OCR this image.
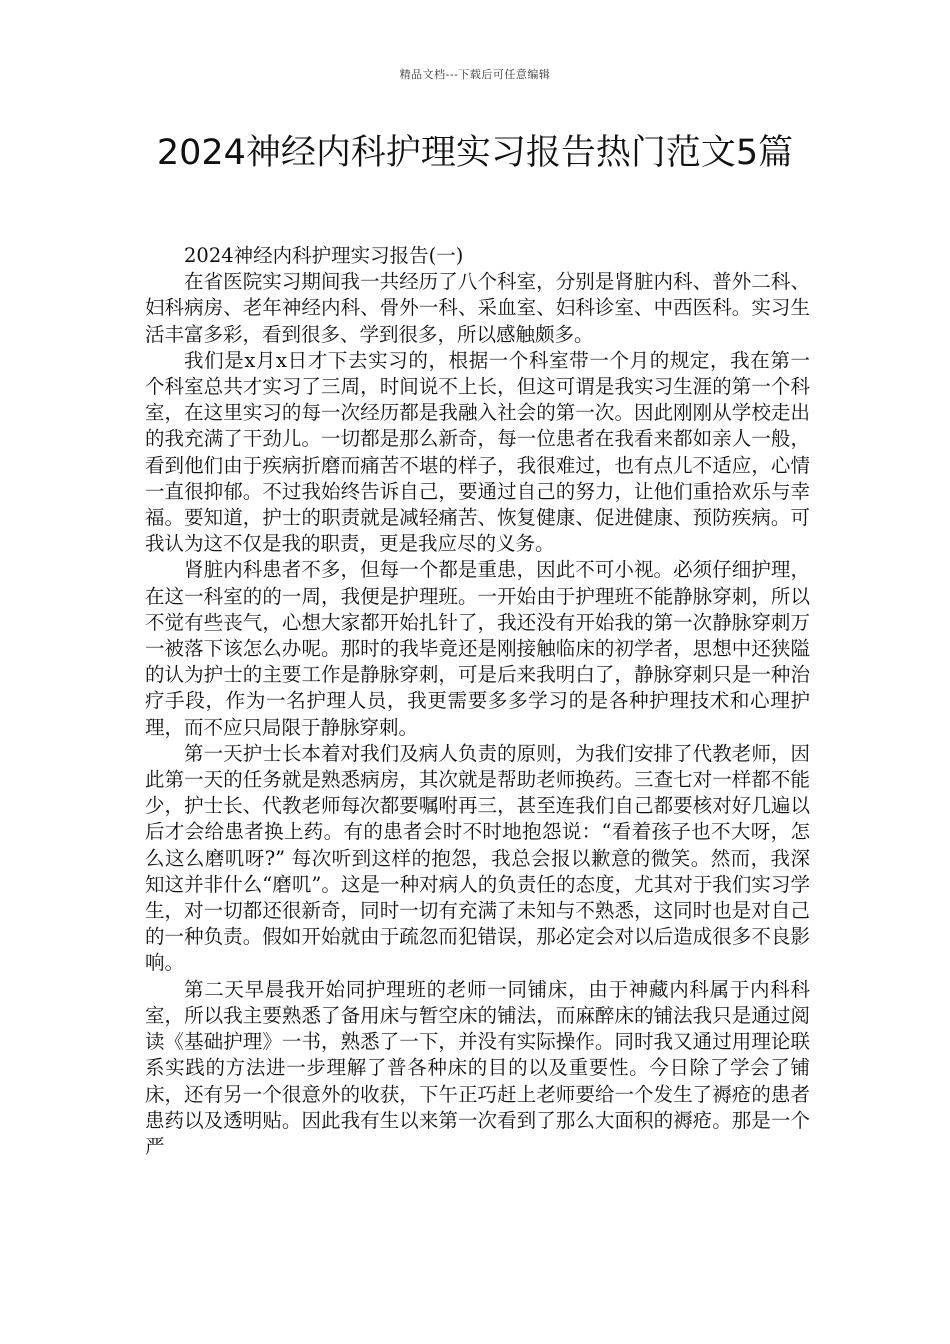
精品文档---下载后可任意编辑
2024神经内科护理实习报告热门范文5篇

2024神经内科护理实习报告(一)

在省医院实习期间我一共经历了八个科室，分别是肾脏内科、普外二科、妇科病房、老年神经内科、骨外一科、采血室、妇科诊室、中西医科。实习生活丰富多彩，看到很多、学到很多，所以感触颇多。

我们是x月x日才下去实习的，根据一个科室带一个月的规定，我在第一个科室总共才实习了三周，时间说不上长，但这可谓是我实习生涯的第一个科室，在这里实习的每一次经历都是我融入社会的第一次。因此刚刚从学校走出的我充满了干劲儿。一切都是那么新奇，每一位患者在我看来都如亲人一般，看到他们由于疾病折磨而痛苦不堪的样子，我很难过，也有点儿不适应，心情一直很抑郁。不过我始终告诉自己，要通过自己的努力，让他们重拾欢乐与幸福。要知道，护士的职责就是减轻痛苦、恢复健康、促进健康、预防疾病。可我认为这不仅是我的职责，更是我应尽的义务。

肾脏内科患者不多，但每一个都是重患，因此不可小视。必须仔细护理，在这一科室的的一周，我便是护理班。一开始由于护理班不能静脉穿刺，所以不觉有些丧气，心想大家都开始扎针了，我还没有开始我的第一次静脉穿刺万一被落下该怎么办呢。那时的我毕竟还是刚接触临床的初学者，思想中还狭隘的认为护士的主要工作是静脉穿刺，可是后来我明白了，静脉穿刺只是一种治疗手段，作为一名护理人员，我更需要多多学习的是各种护理技术和心理护理，而不应只局限于静脉穿刺。

第一天护士长本着对我们及病人负责的原则，为我们安排了代教老师，因此第一天的任务就是熟悉病房，其次就是帮助老师换药。三查七对一样都不能少，护士长、代教老师每次都要嘱咐再三，甚至连我们自己都要核对好几遍以后才会给患者换上药。有的患者会时不时地抱怨说：“看着孩子也不大呀，怎么这么磨叽呀?” 每次听到这样的抱怨，我总会报以歉意的微笑。然而，我深知这并非什么“磨叽”。这是一种对病人的负责任的态度，尤其对于我们实习学生，对一切都还很新奇，同时一切有充满了未知与不熟悉，这同时也是对自己的一种负责。假如开始就由于疏忽而犯错误，那必定会对以后造成很多不良影响。

第二天早晨我开始同护理班的老师一同铺床，由于神藏内科属于内科科室，所以我主要熟悉了备用床与暂空床的铺法，而麻醉床的铺法我只是通过阅读《基础护理》一书，熟悉了一下，并没有实际操作。同时我又通过用理论联系实践的方法进一步理解了普各种床的目的以及重要性。今日除了学会了铺床，还有另一个很意外的收获，下午正巧赶上老师要给一个发生了褥疮的患者患药以及透明贴。因此我有生以来第一次看到了那么大面积的褥疮。那是一个严
